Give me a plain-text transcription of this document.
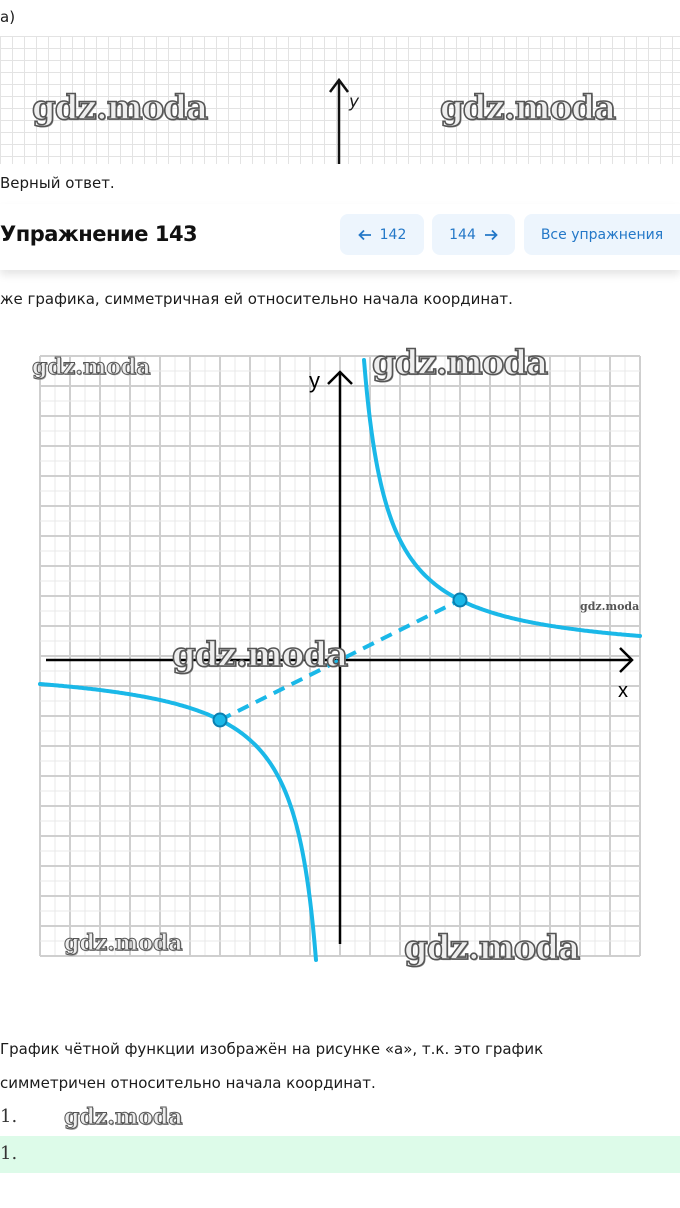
а)
gdz.moda	gdz.moda
y
Верный ответ.
Упражнение 143	142	144	Все упражнения
же графика, симметричная ей относительно начала координат.
x
y
gdz.moda	gdz.moda
gdz.moda
gdz.moda
gdz.moda	gdz.moda
График чётной функции изображён на рисунке «а», т.к. это график
симметричен относительно начала координат.
1. gdz.moda
1.
